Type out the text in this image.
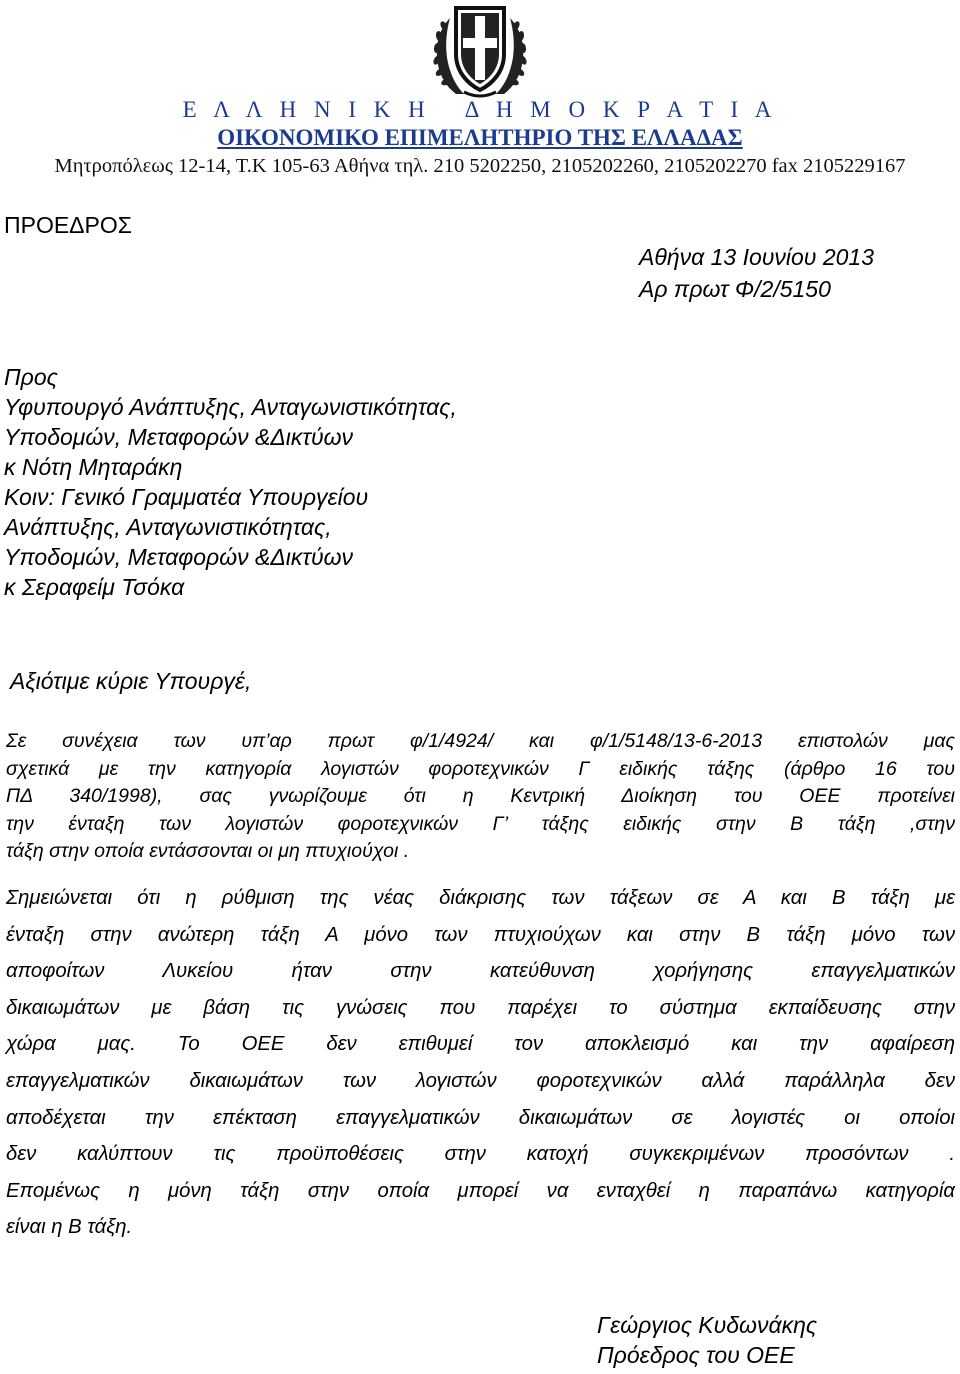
Ε Λ Λ Η Ν Ι Κ Η   Δ Η Μ Ο Κ Ρ Α Τ Ι Α
ΟΙΚΟΝΟΜΙΚΟ ΕΠΙΜΕΛΗΤΗΡΙΟ ΤΗΣ ΕΛΛΑΔΑΣ
Μητροπόλεως 12-14, Τ.Κ 105-63 Αθήνα τηλ. 210 5202250, 2105202260, 2105202270 fax 2105229167
ΠΡΟΕΔΡΟΣ
Αθήνα 13 Ιουνίου 2013
Αρ πρωτ Φ/2/5150
Προς
Υφυπουργό Ανάπτυξης, Ανταγωνιστικότητας,
Υποδομών, Μεταφορών &Δικτύων
κ Νότη Μηταράκη
Κοιν: Γενικό Γραμματέα Υπουργείου
Ανάπτυξης, Ανταγωνιστικότητας,
Υποδομών, Μεταφορών &Δικτύων
κ Σεραφείμ Τσόκα
Αξιότιμε κύριε Υπουργέ,
Σε συνέχεια των υπ’αρ πρωτ φ/1/4924/ και φ/1/5148/13-6-2013 επιστολών μας
σχετικά με την κατηγορία λογιστών φοροτεχνικών Γ ειδικής τάξης (άρθρο 16 του
ΠΔ 340/1998), σας γνωρίζουμε ότι η Κεντρική Διοίκηση του ΟΕΕ προτείνει
την ένταξη των λογιστών φοροτεχνικών Γ’ τάξης ειδικής στην Β τάξη ,στην
τάξη στην οποία εντάσσονται οι μη πτυχιούχοι .
Σημειώνεται ότι η ρύθμιση της νέας διάκρισης των τάξεων σε Α και Β τάξη με
ένταξη στην ανώτερη τάξη Α μόνο των πτυχιούχων και στην Β τάξη μόνο των
αποφοίτων Λυκείου ήταν στην κατεύθυνση χορήγησης επαγγελματικών
δικαιωμάτων με βάση τις γνώσεις που παρέχει το σύστημα εκπαίδευσης στην
χώρα μας. Το ΟΕΕ δεν επιθυμεί τον αποκλεισμό και την αφαίρεση
επαγγελματικών δικαιωμάτων των λογιστών φοροτεχνικών αλλά παράλληλα δεν
αποδέχεται την επέκταση επαγγελματικών δικαιωμάτων σε λογιστές οι οποίοι
δεν καλύπτουν τις προϋποθέσεις στην κατοχή συγκεκριμένων προσόντων .
Επομένως η μόνη τάξη στην οποία μπορεί να ενταχθεί η παραπάνω κατηγορία
είναι η Β τάξη.
Γεώργιος Κυδωνάκης
Πρόεδρος του ΟΕΕ
